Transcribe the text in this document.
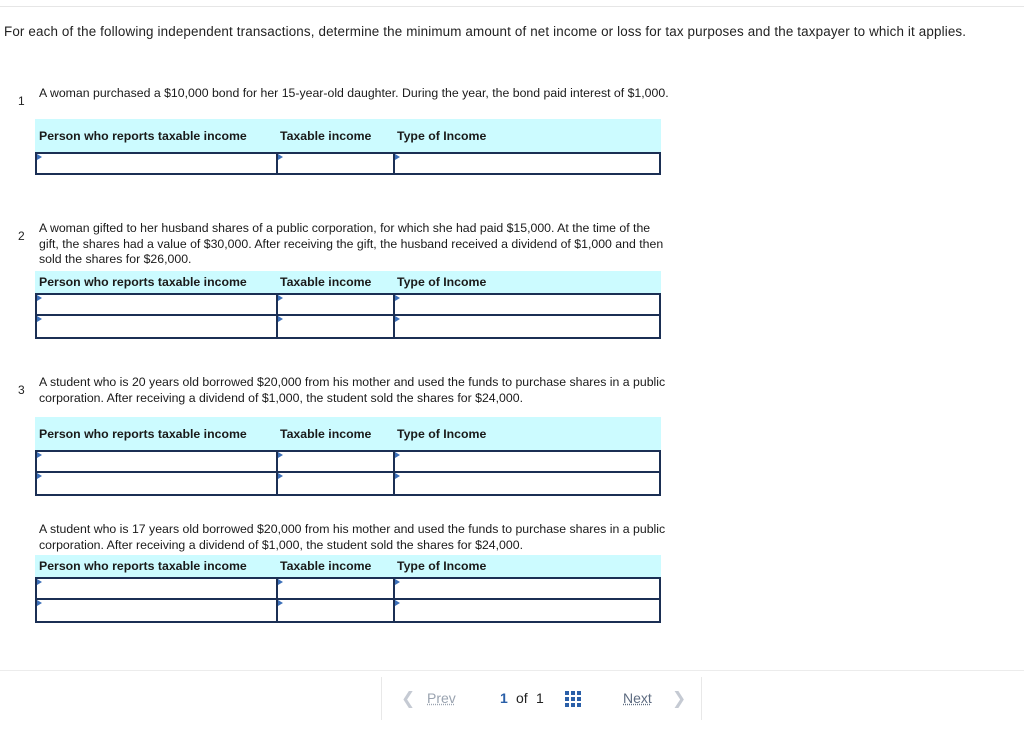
For each of the following independent transactions, determine the minimum amount of net income or loss for tax purposes and the taxpayer to which it applies.

1
A woman purchased a $10,000 bond for her 15-year-old daughter. During the year, the bond paid interest of $1,000.
Person who reports taxable income	Taxable income	Type of Income
2
A woman gifted to her husband shares of a public corporation, for which she had paid $15,000. At the time of the gift, the shares had a value of $30,000. After receiving the gift, the husband received a dividend of $1,000 and then sold the shares for $26,000.
Person who reports taxable income	Taxable income	Type of Income
3
A student who is 20 years old borrowed $20,000 from his mother and used the funds to purchase shares in a public corporation. After receiving a dividend of $1,000, the student sold the shares for $24,000.
Person who reports taxable income	Taxable income	Type of Income
A student who is 17 years old borrowed $20,000 from his mother and used the funds to purchase shares in a public corporation. After receiving a dividend of $1,000, the student sold the shares for $24,000.
Person who reports taxable income	Taxable income	Type of Income
❮ Prev	1 of 1	Next ❯
